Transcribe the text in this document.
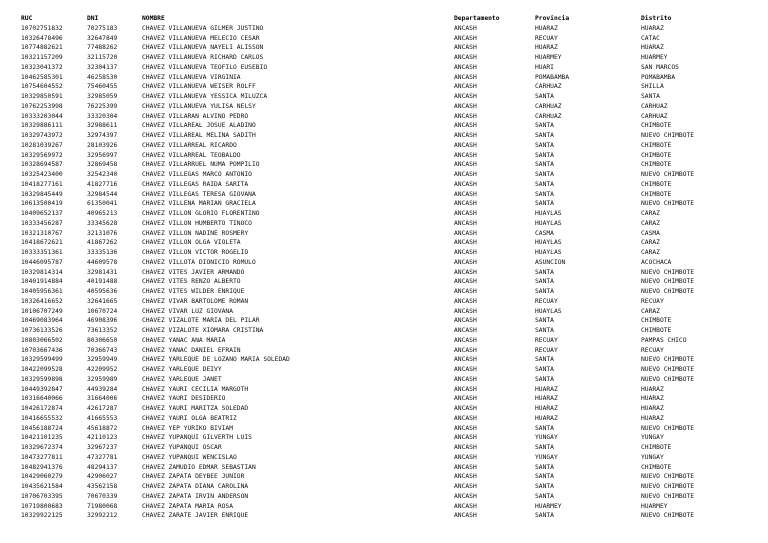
RUC	DNI	NOMBRE	Departamento	Provincia	Distrito
10702751832	70275183	CHAVEZ VILLANUEVA GILMER JUSTINO	ANCASH	HUARAZ	HUARAZ
10326478496	32647849	CHAVEZ VILLANUEVA MELECIO CESAR	ANCASH	RECUAY	CATAC
10774882621	77488262	CHAVEZ VILLANUEVA NAYELI ALISSON	ANCASH	HUARAZ	HUARAZ
10321157209	32115720	CHAVEZ VILLANUEVA RICHARD CARLOS	ANCASH	HUARMEY	HUARMEY
10323041372	32304137	CHAVEZ VILLANUEVA TEOFILO EUSEBIO	ANCASH	HUARI	SAN MARCOS
10462585301	46258530	CHAVEZ VILLANUEVA VIRGINIA	ANCASH	POMABAMBA	POMABAMBA
10754604552	75460455	CHAVEZ VILLANUEVA WEISER ROLFF	ANCASH	CARHUAZ	SHILLA
10329850591	32985059	CHAVEZ VILLANUEVA YESSICA MILUZCA	ANCASH	SANTA	SANTA
10762253998	76225399	CHAVEZ VILLANUEVA YULISA NELSY	ANCASH	CARHUAZ	CARHUAZ
10333203044	33320304	CHAVEZ VILLARAN ALVINO PEDRO	ANCASH	CARHUAZ	CARHUAZ
10329886111	32988611	CHAVEZ VILLAREAL JOSUE ALADINO	ANCASH	SANTA	CHIMBOTE
10329743972	32974397	CHAVEZ VILLAREAL MELINA SADITH	ANCASH	SANTA	NUEVO CHIMBOTE
10281039267	28103926	CHAVEZ VILLARREAL RICARDO	ANCASH	SANTA	CHIMBOTE
10329569972	32956997	CHAVEZ VILLARREAL TEOBALDO	ANCASH	SANTA	CHIMBOTE
10328694587	32869458	CHAVEZ VILLARRUEL NUMA POMPILIO	ANCASH	SANTA	CHIMBOTE
10325423400	32542340	CHAVEZ VILLEGAS MARCO ANTONIO	ANCASH	SANTA	NUEVO CHIMBOTE
10418277161	41827716	CHAVEZ VILLEGAS RAIDA SARITA	ANCASH	SANTA	CHIMBOTE
10329845449	32984544	CHAVEZ VILLEGAS TERESA GIOVANA	ANCASH	SANTA	CHIMBOTE
10613500419	61350041	CHAVEZ VILLENA MARIAN GRACIELA	ANCASH	SANTA	NUEVO CHIMBOTE
10409652137	40965213	CHAVEZ VILLON GLORIO FLORENTINO	ANCASH	HUAYLAS	CARAZ
10333456287	33345628	CHAVEZ VILLON HUMBERTO TINOCO	ANCASH	HUAYLAS	CARAZ
10321310767	32131076	CHAVEZ VILLON NADINE ROSMERY	ANCASH	CASMA	CASMA
10418672621	41867262	CHAVEZ VILLON OLGA VIOLETA	ANCASH	HUAYLAS	CARAZ
10333351361	33335136	CHAVEZ VILLON VICTOR ROGELIO	ANCASH	HUAYLAS	CARAZ
10446095787	44609578	CHAVEZ VILLOTA DIONICIO ROMULO	ANCASH	ASUNCION	ACOCHACA
10329814314	32981431	CHAVEZ VITES JAVIER ARMANDO	ANCASH	SANTA	NUEVO CHIMBOTE
10401914884	40191488	CHAVEZ VITES RENZO ALBERTO	ANCASH	SANTA	NUEVO CHIMBOTE
10405956361	40595636	CHAVEZ VITES WILDER ENRIQUE	ANCASH	SANTA	NUEVO CHIMBOTE
10326416652	32641665	CHAVEZ VIVAR BARTOLOME ROMAN	ANCASH	RECUAY	RECUAY
10106707249	10670724	CHAVEZ VIVAR LUZ GIOVANA	ANCASH	HUAYLAS	CARAZ
10469083964	46908396	CHAVEZ VIZALOTE MARIA DEL PILAR	ANCASH	SANTA	CHIMBOTE
10736133526	73613352	CHAVEZ VIZALOTE XIOMARA CRISTINA	ANCASH	SANTA	CHIMBOTE
10803066502	80306650	CHAVEZ YANAC ANA MARIA	ANCASH	RECUAY	PAMPAS CHICO
10703667436	70366743	CHAVEZ YANAC DANIEL EFRAIN	ANCASH	RECUAY	RECUAY
10329599499	32959949	CHAVEZ YARLEQUE DE LOZANO MARIA SOLEDAD	ANCASH	SANTA	NUEVO CHIMBOTE
10422099528	42209952	CHAVEZ YARLEQUE DEIVY	ANCASH	SANTA	NUEVO CHIMBOTE
10329599898	32959989	CHAVEZ YARLEQUE JANET	ANCASH	SANTA	NUEVO CHIMBOTE
10449392847	44939284	CHAVEZ YAURI CECILIA MARGOTH	ANCASH	HUARAZ	HUARAZ
10316640066	31664006	CHAVEZ YAURI DESIDERIO	ANCASH	HUARAZ	HUARAZ
10426172874	42617287	CHAVEZ YAURI MARITZA SOLEDAD	ANCASH	HUARAZ	HUARAZ
10416655532	41665553	CHAVEZ YAURI OLGA BEATRIZ	ANCASH	HUARAZ	HUARAZ
10456188724	45618872	CHAVEZ YEP YURIKO BIVIAM	ANCASH	SANTA	NUEVO CHIMBOTE
10421101235	42110123	CHAVEZ YUPANQUI GILVERTH LUIS	ANCASH	YUNGAY	YUNGAY
10329672374	32967237	CHAVEZ YUPANQUI OSCAR	ANCASH	SANTA	CHIMBOTE
10473277811	47327781	CHAVEZ YUPANQUI WENCISLAO	ANCASH	YUNGAY	YUNGAY
10482941376	48294137	CHAVEZ ZAMUDIO EDMAR SEBASTIAN	ANCASH	SANTA	CHIMBOTE
10429060279	42906027	CHAVEZ ZAPATA DEYBEE JUNIOR	ANCASH	SANTA	NUEVO CHIMBOTE
10435621584	43562158	CHAVEZ ZAPATA DIANA CAROLINA	ANCASH	SANTA	NUEVO CHIMBOTE
10706703395	70670339	CHAVEZ ZAPATA IRVIN ANDERSON	ANCASH	SANTA	NUEVO CHIMBOTE
10719800683	71980068	CHAVEZ ZAPATA MARIA ROSA	ANCASH	HUARMEY	HUARMEY
10329922125	32992212	CHAVEZ ZARATE JAVIER ENRIQUE	ANCASH	SANTA	NUEVO CHIMBOTE
